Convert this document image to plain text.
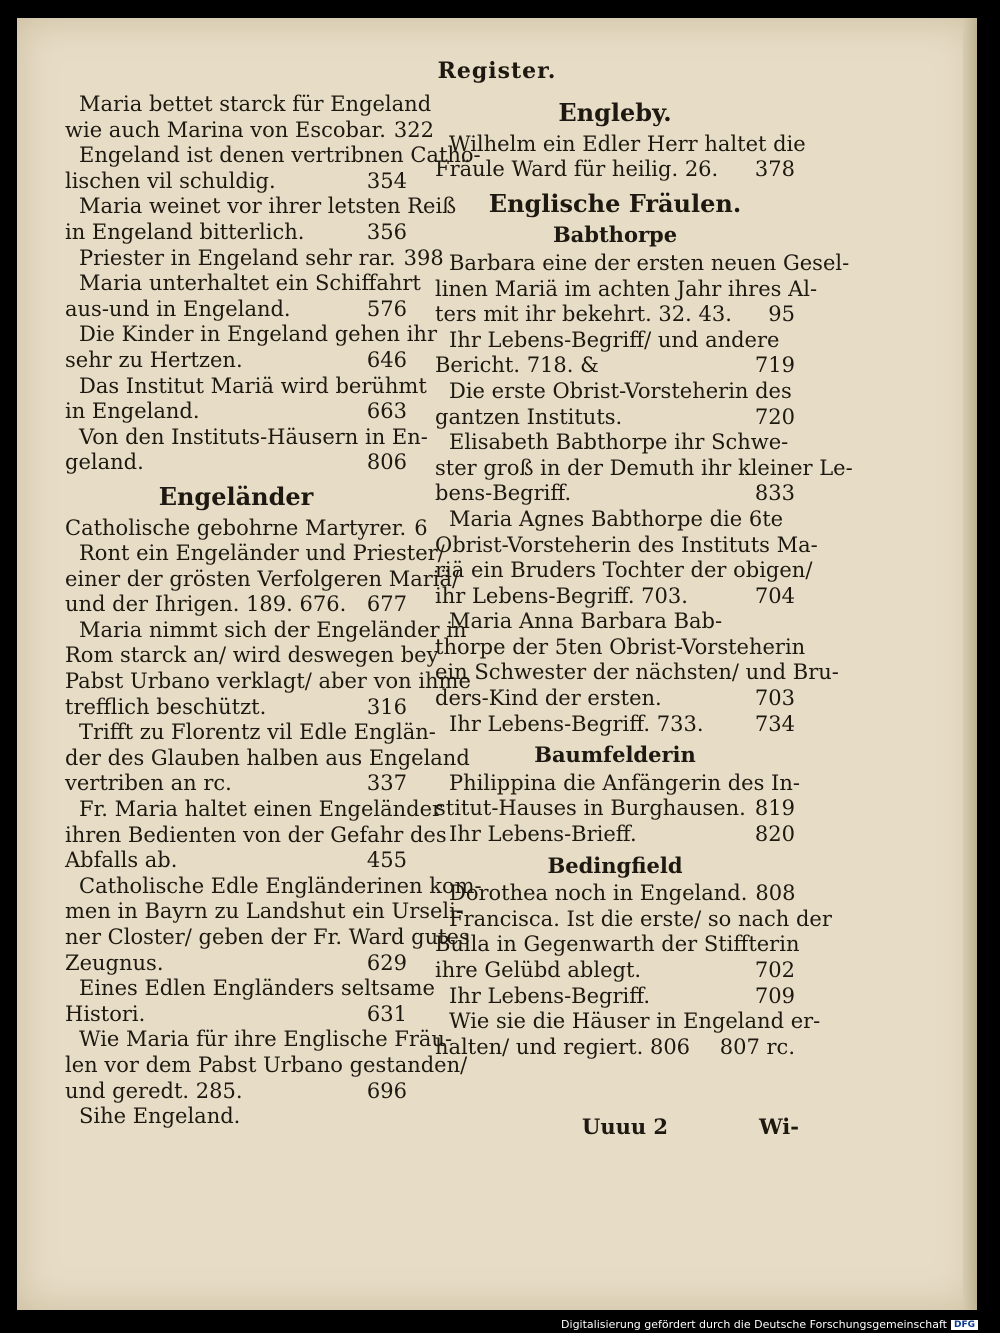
Register.
Maria bettet starck für Engeland
wie auch Marina von Escobar. 322
Engeland ist denen vertribnen Catho-
lischen vil schuldig.	354
Maria weinet vor ihrer letsten Reiß
in Engeland bitterlich.	356
Priester in Engeland sehr rar. 398
Maria unterhaltet ein Schiffahrt
aus-und in Engeland.	576
Die Kinder in Engeland gehen ihr
sehr zu Hertzen.	646
Das Institut Mariä wird berühmt
in Engeland.	663
Von den Instituts-Häusern in En-
geland.	806
Engeländer
Catholische gebohrne Martyrer. 6
Ront ein Engeländer und Priester/
einer der grösten Verfolgeren Mariä/
und der Ihrigen. 189. 676. 677
Maria nimmt sich der Engeländer in
Rom starck an/ wird deswegen bey
Pabst Urbano verklagt/ aber von ihme
trefflich beschützt.	316
Trifft zu Florentz vil Edle Englän-
der des Glauben halben aus Engeland
vertriben an rc.	337
Fr. Maria haltet einen Engeländer
ihren Bedienten von der Gefahr des
Abfalls ab.	455
Catholische Edle Engländerinen kom-
men in Bayrn zu Landshut ein Urseli-
ner Closter/ geben der Fr. Ward gutes
Zeugnus.	629
Eines Edlen Engländers seltsame
Histori.	631
Wie Maria für ihre Englische Fräu-
len vor dem Pabst Urbano gestanden/
und geredt. 285.	696
Sihe Engeland.
Engleby.
Wilhelm ein Edler Herr haltet die
Fräule Ward für heilig. 26.	378
Englische Fräulen.
Babthorpe
Barbara eine der ersten neuen Gesel-
linen Mariä im achten Jahr ihres Al-
ters mit ihr bekehrt. 32. 43.	95
Ihr Lebens-Begriff/ und andere
Bericht. 718. &	719
Die erste Obrist-Vorsteherin des
gantzen Instituts.	720
Elisabeth Babthorpe ihr Schwe-
ster groß in der Demuth ihr kleiner Le-
bens-Begriff.	833
Maria Agnes Babthorpe die 6te
Obrist-Vorsteherin des Instituts Ma-
riä ein Bruders Tochter der obigen/
ihr Lebens-Begriff. 703.	704
Maria Anna Barbara Bab-
thorpe der 5ten Obrist-Vorsteherin
ein Schwester der nächsten/ und Bru-
ders-Kind der ersten.	703
Ihr Lebens-Begriff. 733.	734
Baumfelderin
Philippina die Anfängerin des In-
stitut-Hauses in Burghausen. 819
Ihr Lebens-Brieff.	820
Bedingfield
Dorothea noch in Engeland. 808
Francisca. Ist die erste/ so nach der
Bulla in Gegenwarth der Stiffterin
ihre Gelübd ablegt.	702
Ihr Lebens-Begriff.	709
Wie sie die Häuser in Engeland er-
halten/ und regiert. 806	807 rc.
Uuuu 2	Wi-
Digitalisierung gefördert durch die Deutsche Forschungsgemeinschaft DFG
